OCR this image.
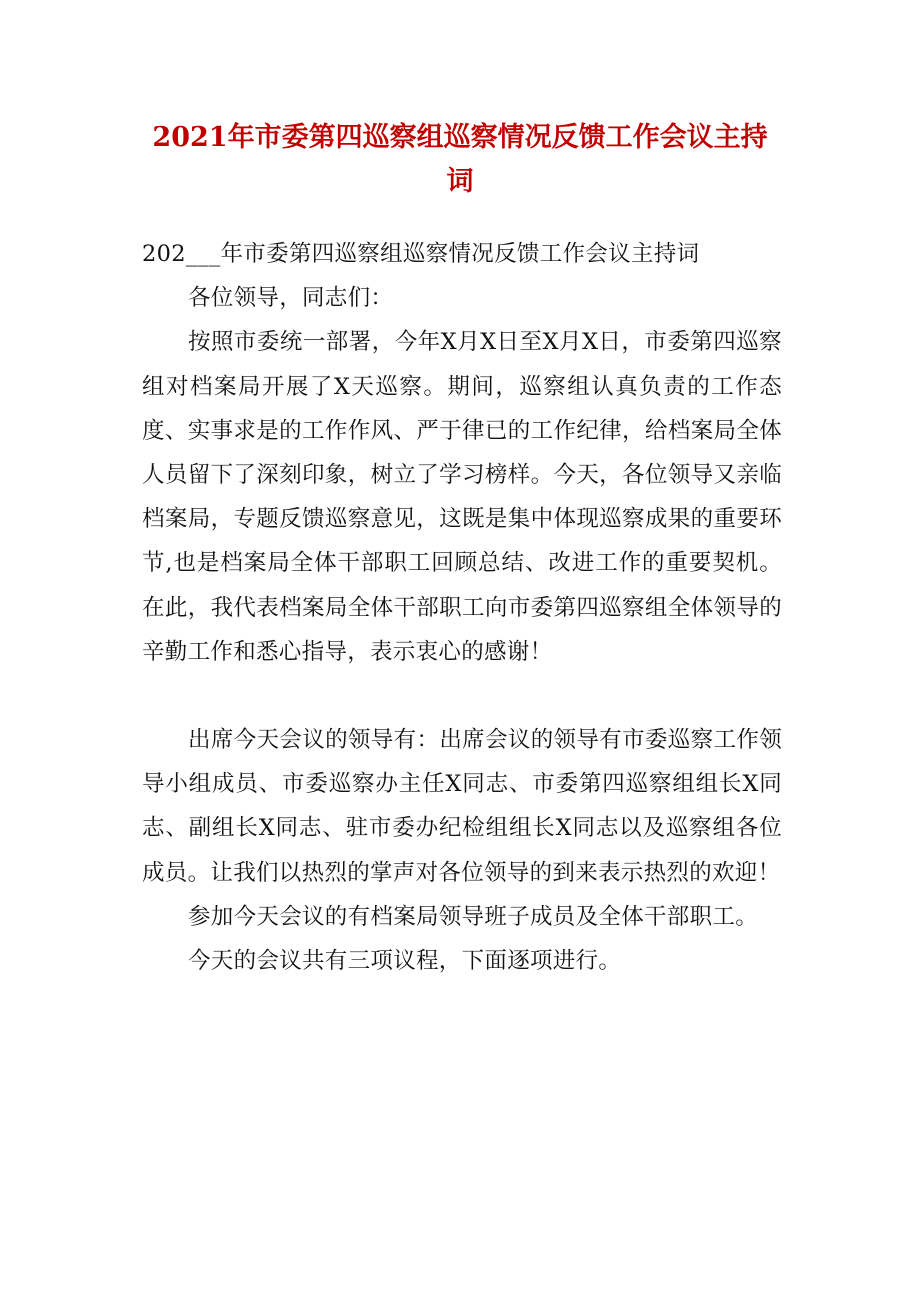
2021年市委第四巡察组巡察情况反馈工作会议主持词

202___年市委第四巡察组巡察情况反馈工作会议主持词

各位领导，同志们：

按照市委统一部署，今年X月X日至X月X日，市委第四巡察组对档案局开展了X天巡察。期间，巡察组认真负责的工作态度、实事求是的工作作风、严于律已的工作纪律，给档案局全体人员留下了深刻印象，树立了学习榜样。今天，各位领导又亲临档案局，专题反馈巡察意见，这既是集中体现巡察成果的重要环节,也是档案局全体干部职工回顾总结、改进工作的重要契机。在此，我代表档案局全体干部职工向市委第四巡察组全体领导的辛勤工作和悉心指导，表示衷心的感谢！

出席今天会议的领导有：出席会议的领导有市委巡察工作领导小组成员、市委巡察办主任X同志、市委第四巡察组组长X同志、副组长X同志、驻市委办纪检组组长X同志以及巡察组各位成员。让我们以热烈的掌声对各位领导的到来表示热烈的欢迎！

参加今天会议的有档案局领导班子成员及全体干部职工。

今天的会议共有三项议程，下面逐项进行。
